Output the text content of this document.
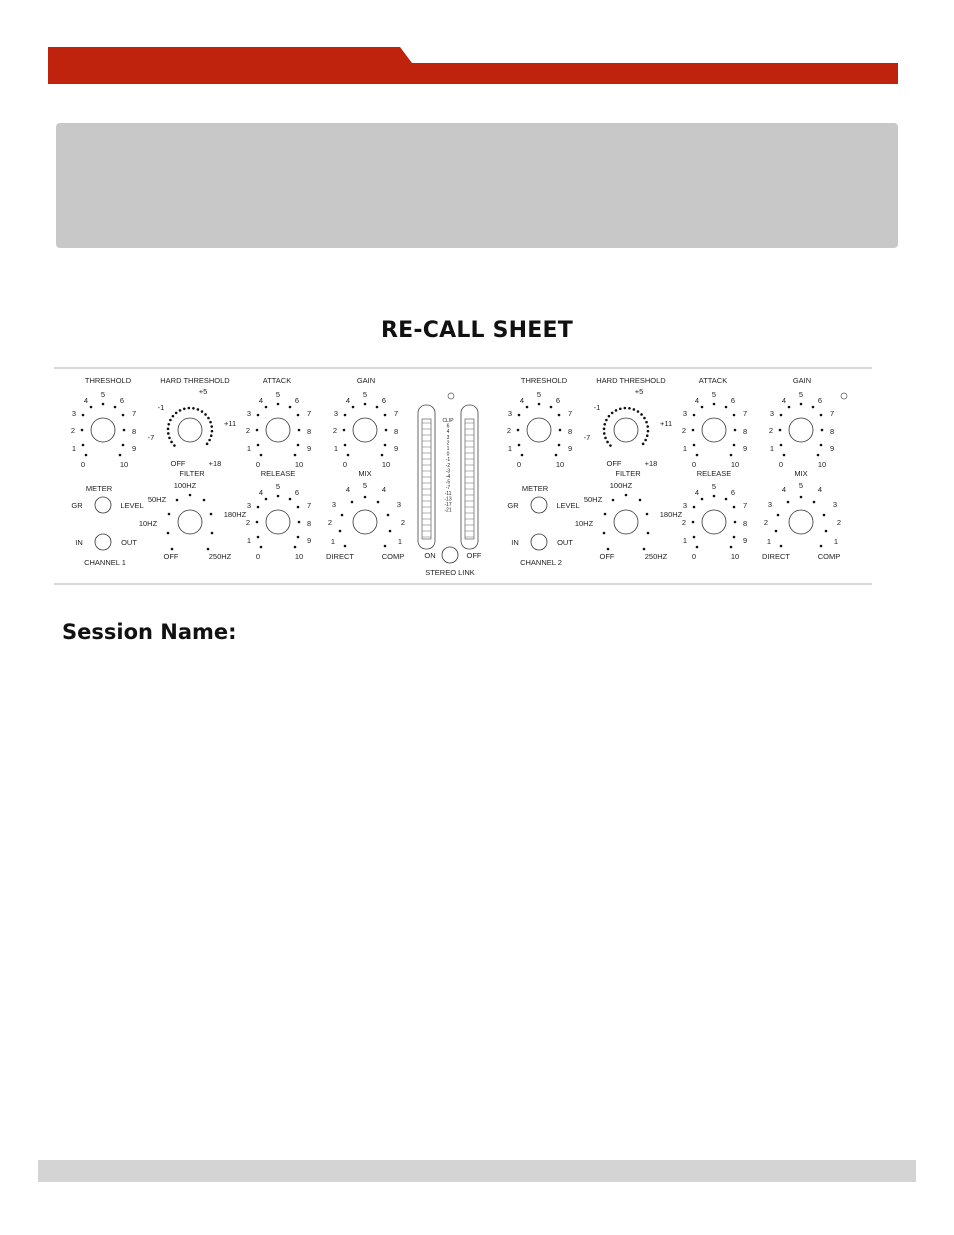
RE-CALL SHEET
THRESHOLD
0
1
2
3
4
5
6
7
8
9
10
HARD THRESHOLD
+5
-1
+11
-7
OFF	+18
ATTACK
0
1
2
3
4
5
6
7
8
9
10
GAIN
0
1
2
3
4
5
6
7
8
9
10
METER
GR	LEVEL
IN	OUT
CHANNEL 1
FILTER
100HZ
50HZ
10HZ
OFF
180HZ
250HZ
RELEASE
0
1
2
3
4
5
6
7
8
9
10
MIX
5
4	4
3	3
2	2
1	1
DIRECT	COMP
THRESHOLD
0
1
2
3
4
5
6
7
8
9
10
HARD THRESHOLD
+5
-1
+11
-7
OFF	+18
ATTACK
0
1
2
3
4
5
6
7
8
9
10
GAIN
0
1
2
3
4
5
6
7
8
9
10
METER
GR	LEVEL
IN	OUT
CHANNEL 2
FILTER
100HZ
50HZ
10HZ
OFF
180HZ
250HZ
RELEASE
0
1
2
3
4
5
6
7
8
9
10
MIX
5
4	4
3	3
2	2
1	1
DIRECT	COMP
CLIP
6
4
3
2
1
0
-1
-2
-3
-4
-5
-7
-11
-13
-17
-21
ON	OFF
STEREO LINK
Session Name:
